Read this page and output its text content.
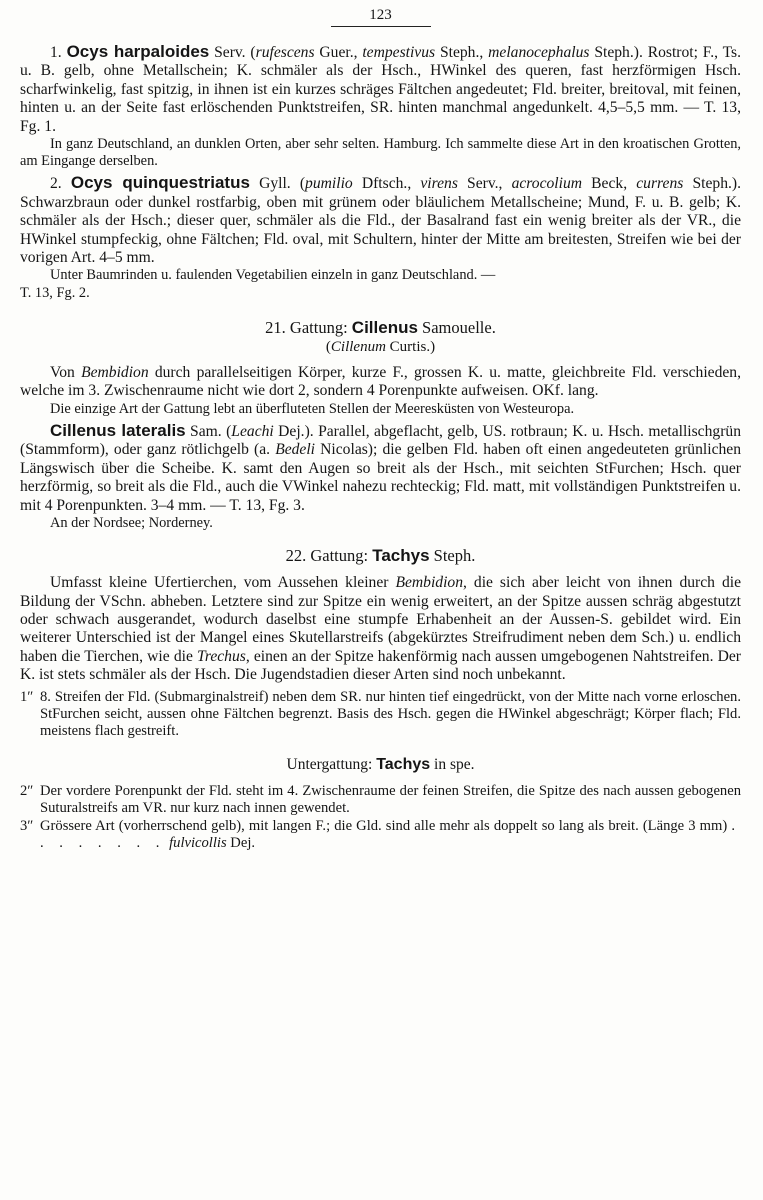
123

1. Ocys harpaloides Serv. (rufescens Guer., tempestivus Steph., melanocephalus Steph.). Rostrot; F., Ts. u. B. gelb, ohne Metallschein; K. schmäler als der Hsch., HWinkel des queren, fast herzförmigen Hsch. scharfwinkelig, fast spitzig, in ihnen ist ein kurzes schräges Fältchen angedeutet; Fld. breiter, breitoval, mit feinen, hinten u. an der Seite fast erlöschenden Punktstreifen, SR. hinten manchmal angedunkelt. 4,5–5,5 mm. — T. 13, Fg. 1.

In ganz Deutschland, an dunklen Orten, aber sehr selten. Hamburg. Ich sammelte diese Art in den kroatischen Grotten, am Eingange derselben.

2. Ocys quinquestriatus Gyll. (pumilio Dftsch., virens Serv., acrocolium Beck, currens Steph.). Schwarzbraun oder dunkel rostfarbig, oben mit grünem oder bläulichem Metallscheine; Mund, F. u. B. gelb; K. schmäler als der Hsch.; dieser quer, schmäler als die Fld., der Basalrand fast ein wenig breiter als der VR., die HWinkel stumpfeckig, ohne Fältchen; Fld. oval, mit Schultern, hinter der Mitte am breitesten, Streifen wie bei der vorigen Art. 4–5 mm.

Unter Baumrinden u. faulenden Vegetabilien einzeln in ganz Deutschland. —
T. 13, Fg. 2.

21. Gattung: Cillenus Samouelle.
(Cillenum Curtis.)

Von Bembidion durch parallelseitigen Körper, kurze F., grossen K. u. matte, gleichbreite Fld. verschieden, welche im 3. Zwischenraume nicht wie dort 2, sondern 4 Porenpunkte aufweisen. OKf. lang.

Die einzige Art der Gattung lebt an überfluteten Stellen der Meeresküsten von Westeuropa.

Cillenus lateralis Sam. (Leachi Dej.). Parallel, abgeflacht, gelb, US. rotbraun; K. u. Hsch. metallischgrün (Stammform), oder ganz rötlichgelb (a. Bedeli Nicolas); die gelben Fld. haben oft einen angedeuteten grünlichen Längswisch über die Scheibe. K. samt den Augen so breit als der Hsch., mit seichten StFurchen; Hsch. quer herzförmig, so breit als die Fld., auch die VWinkel nahezu rechteckig; Fld. matt, mit vollständigen Punktstreifen u. mit 4 Porenpunkten. 3–4 mm. — T. 13, Fg. 3.

An der Nordsee; Norderney.

22. Gattung: Tachys Steph.

Umfasst kleine Ufertierchen, vom Aussehen kleiner Bembidion, die sich aber leicht von ihnen durch die Bildung der VSchn. abheben. Letztere sind zur Spitze ein wenig erweitert, an der Spitze aussen schräg abgestutzt oder schwach ausgerandet, wodurch daselbst eine stumpfe Erhabenheit an der Aussen-S. gebildet wird. Ein weiterer Unterschied ist der Mangel eines Skutellarstreifs (abgekürztes Streifrudiment neben dem Sch.) u. endlich haben die Tierchen, wie die Trechus, einen an der Spitze hakenförmig nach aussen umgebogenen Nahtstreifen. Der K. ist stets schmäler als der Hsch. Die Jugendstadien dieser Arten sind noch unbekannt.

1″ 8. Streifen der Fld. (Submarginalstreif) neben dem SR. nur hinten tief eingedrückt, von der Mitte nach vorne erloschen. StFurchen seicht, aussen ohne Fältchen begrenzt. Basis des Hsch. gegen die HWinkel abgeschrägt; Körper flach; Fld. meistens flach gestreift.
Untergattung: Tachys in spe.
2″ Der vordere Porenpunkt der Fld. steht im 4. Zwischenraume der feinen Streifen, die Spitze des nach aussen gebogenen Suturalstreifs am VR. nur kurz nach innen gewendet.
3″ Grössere Art (vorherrschend gelb), mit langen F.; die Gld. sind alle mehr als doppelt so lang als breit. (Länge 3 mm) . . . . . . . . fulvicollis Dej.
